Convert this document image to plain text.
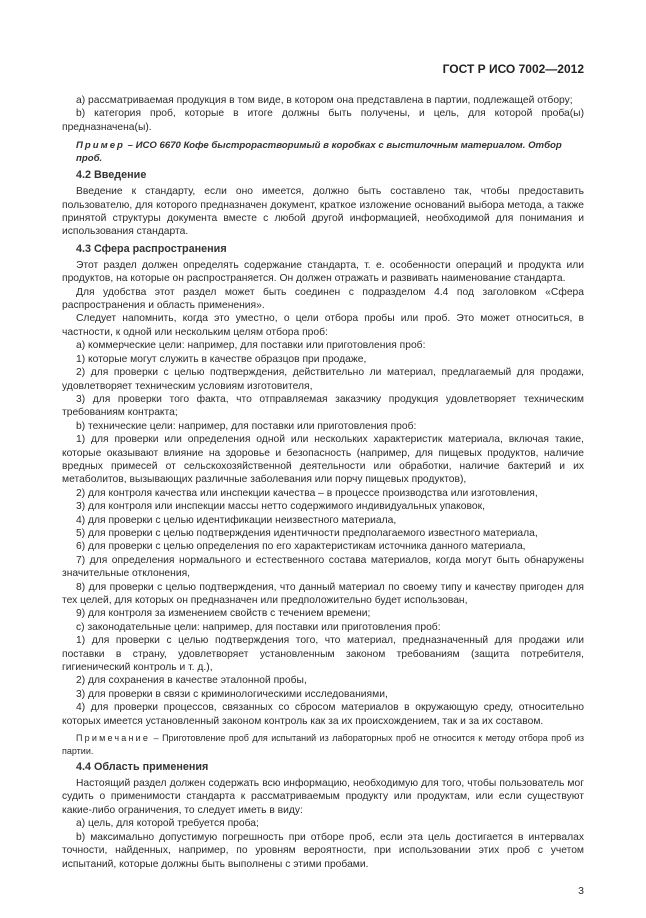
ГОСТ Р ИСО 7002—2012
а) рассматриваемая продукция в том виде, в котором она представлена в партии, подлежащей отбору;
b) категория проб, которые в итоге должны быть получены, и цель, для которой проба(ы) предназначена(ы).
Пример – ИСО 6670 Кофе быстрорастворимый в коробках с выстилочным материалом. Отбор проб.
4.2 Введение
Введение к стандарту, если оно имеется, должно быть составлено так, чтобы предоставить пользователю, для которого предназначен документ, краткое изложение оснований выбора метода, а также принятой структуры документа вместе с любой другой информацией, необходимой для понимания и использования стандарта.
4.3 Сфера распространения
Этот раздел должен определять содержание стандарта, т. е. особенности операций и продукта или продуктов, на которые он распространяется. Он должен отражать и развивать наименование стандарта.
Для удобства этот раздел может быть соединен с подразделом 4.4 под заголовком «Сфера распространения и область применения».
Следует напомнить, когда это уместно, о цели отбора пробы или проб. Это может относиться, в частности, к одной или нескольким целям отбора проб:
а) коммерческие цели: например, для поставки или приготовления проб:
1) которые могут служить в качестве образцов при продаже,
2) для проверки с целью подтверждения, действительно ли материал, предлагаемый для продажи, удовлетворяет техническим условиям изготовителя,
3) для проверки того факта, что отправляемая заказчику продукция удовлетворяет техническим требованиям контракта;
b) технические цели: например, для поставки или приготовления проб:
1) для проверки или определения одной или нескольких характеристик материала, включая такие, которые оказывают влияние на здоровье и безопасность (например, для пищевых продуктов, наличие вредных примесей от сельскохозяйственной деятельности или обработки, наличие бактерий и их метаболитов, вызывающих различные заболевания или порчу пищевых продуктов),
2) для контроля качества или инспекции качества – в процессе производства или изготовления,
3) для контроля или инспекции массы нетто содержимого индивидуальных упаковок,
4) для проверки с целью идентификации неизвестного материала,
5) для проверки с целью подтверждения идентичности предполагаемого известного материала,
6) для проверки с целью определения по его характеристикам источника данного материала,
7) для определения нормального и естественного состава материалов, когда могут быть обнаружены значительные отклонения,
8) для проверки с целью подтверждения, что данный материал по своему типу и качеству пригоден для тех целей, для которых он предназначен или предположительно будет использован,
9) для контроля за изменением свойств с течением времени;
с) законодательные цели: например, для поставки или приготовления проб:
1) для проверки с целью подтверждения того, что материал, предназначенный для продажи или поставки в страну, удовлетворяет установленным законом требованиям (защита потребителя, гигиенический контроль и т. д.),
2) для сохранения в качестве эталонной пробы,
3) для проверки в связи с криминологическими исследованиями,
4) для проверки процессов, связанных со сбросом материалов в окружающую среду, относительно которых имеется установленный законом контроль как за их происхождением, так и за их составом.
Примечание – Приготовление проб для испытаний из лабораторных проб не относится к методу отбора проб из партии.
4.4 Область применения
Настоящий раздел должен содержать всю информацию, необходимую для того, чтобы пользователь мог судить о применимости стандарта к рассматриваемым продукту или продуктам, или если существуют какие-либо ограничения, то следует иметь в виду:
а) цель, для которой требуется проба;
b) максимально допустимую погрешность при отборе проб, если эта цель достигается в интервалах точности, найденных, например, по уровням вероятности, при использовании этих проб с учетом испытаний, которые должны быть выполнены с этими пробами.
3
